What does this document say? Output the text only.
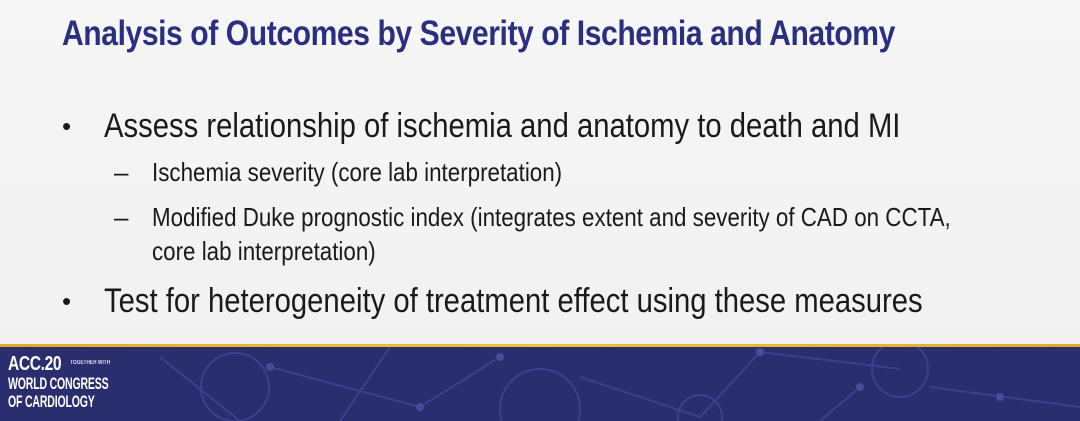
Analysis of Outcomes by Severity of Ischemia and Anatomy
• Assess relationship of ischemia and anatomy to death and MI
– Ischemia severity (core lab interpretation)
– Modified Duke prognostic index (integrates extent and severity of CAD on CCTA,
core lab interpretation)
• Test for heterogeneity of treatment effect using these measures
ACC.20 TOGETHER WITH
WORLD CONGRESS
OF CARDIOLOGY
